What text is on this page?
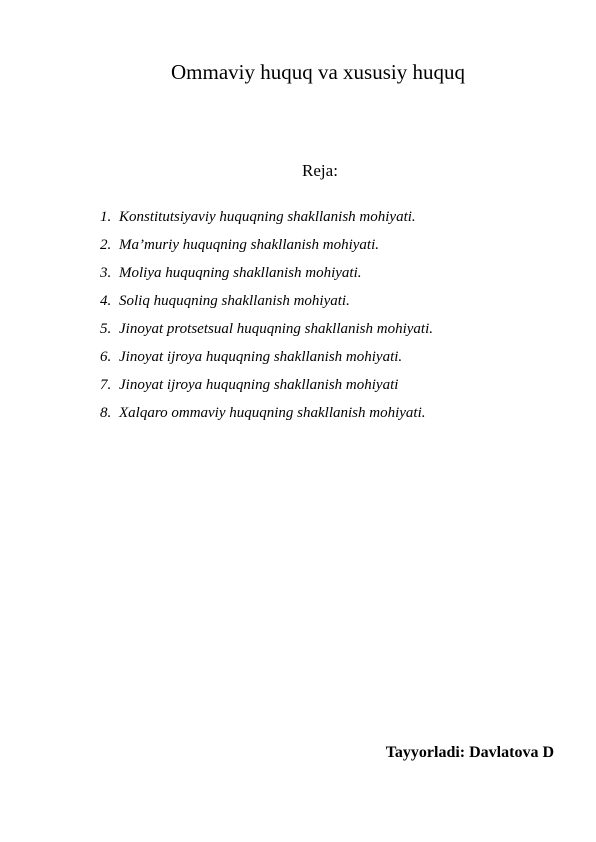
Ommaviy huquq va xususiy huquq
Reja:
1. Konstitutsiyaviy huquqning shakllanish mohiyati.
2. Ma’muriy huquqning shakllanish mohiyati.
3. Moliya huquqning shakllanish mohiyati.
4. Soliq huquqning shakllanish mohiyati.
5. Jinoyat protsetsual huquqning shakllanish mohiyati.
6. Jinoyat ijroya huquqning shakllanish mohiyati.
7. Jinoyat ijroya huquqning shakllanish mohiyati
8. Xalqaro ommaviy huquqning shakllanish mohiyati.

Tayyorladi: Davlatova D
